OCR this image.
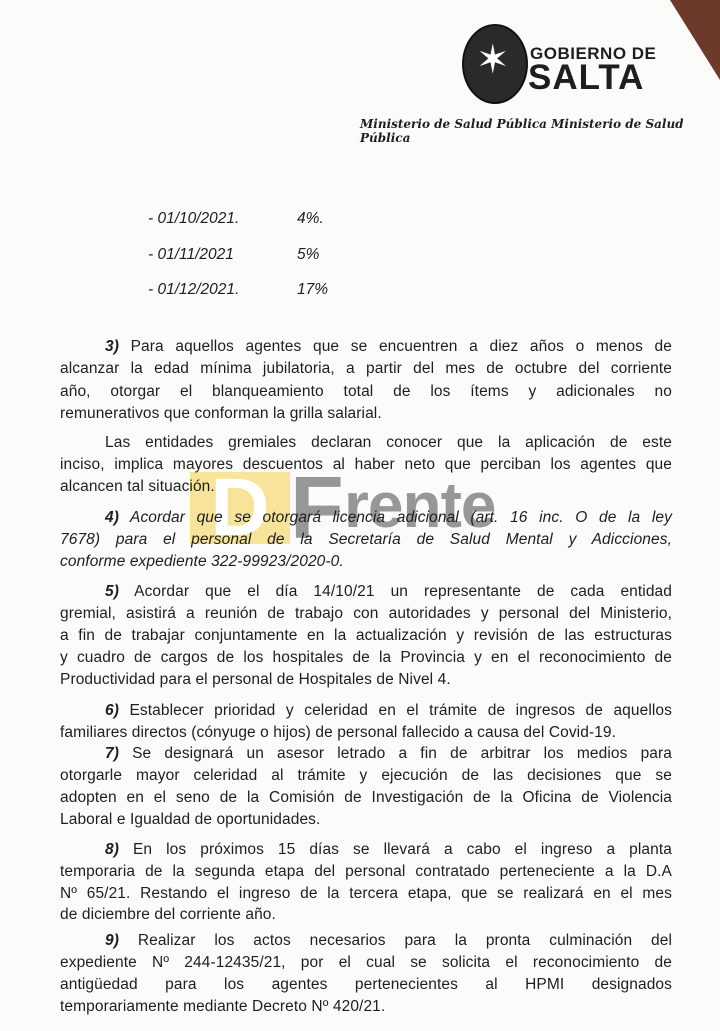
✶ GOBIERNO DE
SALTA
Ministerio de Salud Pública Ministerio de Salud Pública
D F rente
- 01/10/2021.	4%.
- 01/11/2021	5%
- 01/12/2021.	17%
3) Para aquellos agentes que se encuentren a diez años o menos de
alcanzar la edad mínima jubilatoria, a partir del mes de octubre del corriente
año, otorgar el blanqueamiento total de los ítems y adicionales no
remunerativos que conforman la grilla salarial.
Las entidades gremiales declaran conocer que la aplicación de este
inciso, implica mayores descuentos al haber neto que perciban los agentes que
alcancen tal situación.
4) Acordar que se otorgará licencia adicional (art. 16 inc. O de la ley
7678) para el personal de la Secretaría de Salud Mental y Adicciones,
conforme expediente 322-99923/2020-0.
5) Acordar que el día 14/10/21 un representante de cada entidad
gremial, asistirá a reunión de trabajo con autoridades y personal del Ministerio,
a fin de trabajar conjuntamente en la actualización y revisión de las estructuras
y cuadro de cargos de los hospitales de la Provincia y en el reconocimiento de
Productividad para el personal de Hospitales de Nivel 4.
6) Establecer prioridad y celeridad en el trámite de ingresos de aquellos
familiares directos (cónyuge o hijos) de personal fallecido a causa del Covid-19.
7) Se designará un asesor letrado a fin de arbitrar los medios para
otorgarle mayor celeridad al trámite y ejecución de las decisiones que se
adopten en el seno de la Comisión de Investigación de la Oficina de Violencia
Laboral e Igualdad de oportunidades.
8) En los próximos 15 días se llevará a cabo el ingreso a planta
temporaria de la segunda etapa del personal contratado perteneciente a la D.A
Nº 65/21. Restando el ingreso de la tercera etapa, que se realizará en el mes
de diciembre del corriente año.
9) Realizar los actos necesarios para la pronta culminación del
expediente Nº 244-12435/21, por el cual se solicita el reconocimiento de
antigüedad para los agentes pertenecientes al HPMI designados
temporariamente mediante Decreto Nº 420/21.
